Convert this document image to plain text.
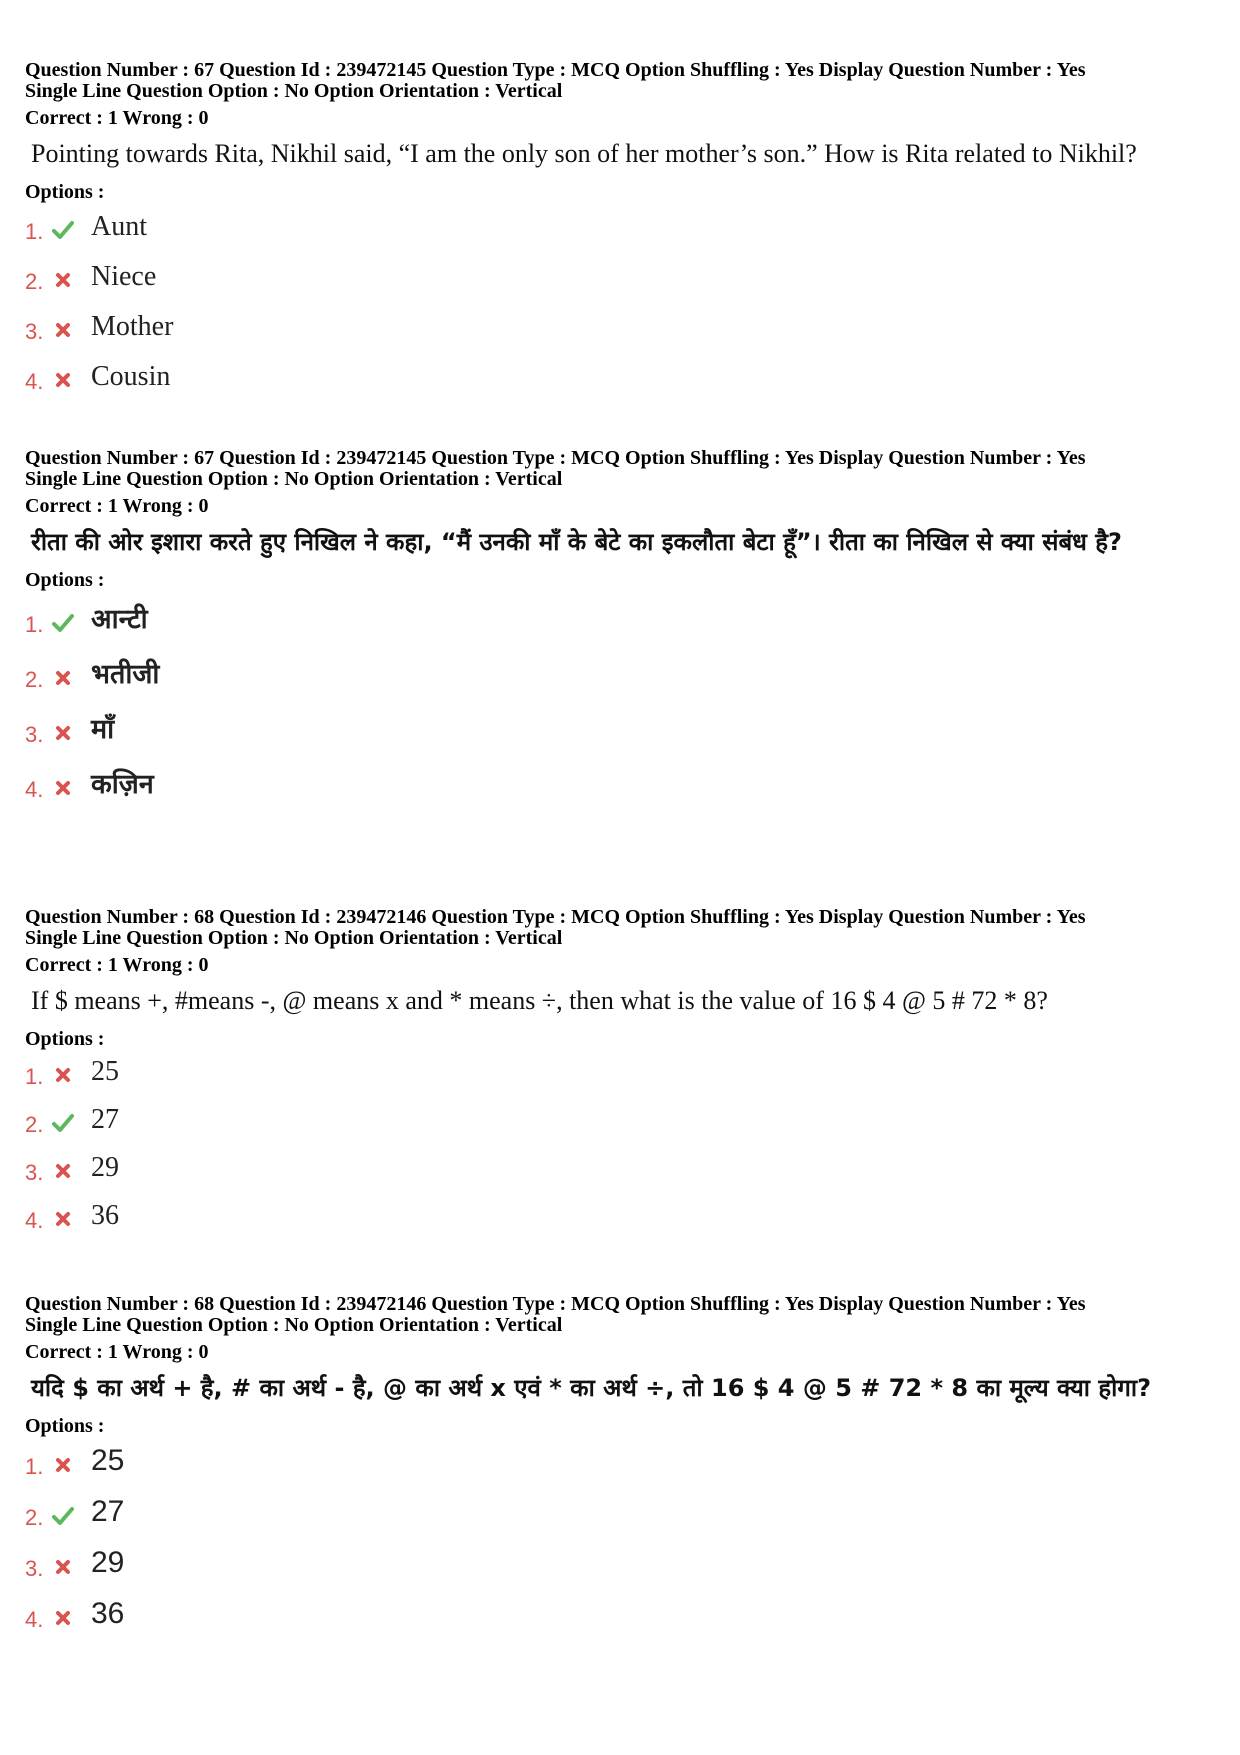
Question Number : 67 Question Id : 239472145 Question Type : MCQ Option Shuffling : Yes Display Question Number : Yes
Single Line Question Option : No Option Orientation : Vertical
Correct : 1 Wrong : 0
Pointing towards Rita, Nikhil said, “I am the only son of her mother’s son.” How is Rita related to Nikhil?
Options :
1. Aunt
2. Niece
3. Mother
4. Cousin
Question Number : 67 Question Id : 239472145 Question Type : MCQ Option Shuffling : Yes Display Question Number : Yes
Single Line Question Option : No Option Orientation : Vertical
Correct : 1 Wrong : 0
रीता की ओर इशारा करते हुए निखिल ने कहा, “मैं उनकी माँ के बेटे का इकलौता बेटा हूँ”। रीता का निखिल से क्या संबंध है?
Options :
1. आन्टी
2. भतीजी
3. माँ
4. कज़िन
Question Number : 68 Question Id : 239472146 Question Type : MCQ Option Shuffling : Yes Display Question Number : Yes
Single Line Question Option : No Option Orientation : Vertical
Correct : 1 Wrong : 0
If $ means +, #means -, @ means x and * means ÷, then what is the value of 16 $ 4 @ 5 # 72 * 8?
Options :
1. 25
2. 27
3. 29
4. 36
Question Number : 68 Question Id : 239472146 Question Type : MCQ Option Shuffling : Yes Display Question Number : Yes
Single Line Question Option : No Option Orientation : Vertical
Correct : 1 Wrong : 0
यदि $ का अर्थ + है, # का अर्थ - है, @ का अर्थ x एवं * का अर्थ ÷, तो 16 $ 4 @ 5 # 72 * 8 का मूल्य क्या होगा?
Options :
1. 25
2. 27
3. 29
4. 36
